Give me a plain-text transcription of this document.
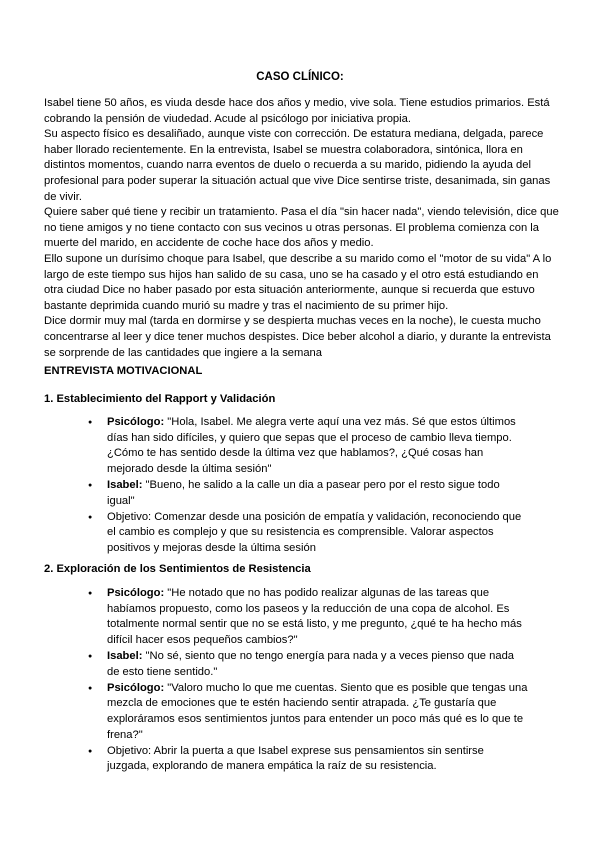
CASO CLÍNICO:

Isabel tiene 50 años, es viuda desde hace dos años y medio, vive sola. Tiene estudios primarios. Está cobrando la pensión de viudedad. Acude al psicólogo por iniciativa propia.

Su aspecto físico es desaliñado, aunque viste con corrección. De estatura mediana, delgada, parece haber llorado recientemente. En la entrevista, Isabel se muestra colaboradora, sintónica, llora en distintos momentos, cuando narra eventos de duelo o recuerda a su marido, pidiendo la ayuda del profesional para poder superar la situación actual que vive Dice sentirse triste, desanimada, sin ganas de vivir.

Quiere saber qué tiene y recibir un tratamiento. Pasa el día "sin hacer nada", viendo televisión, dice que no tiene amigos y no tiene contacto con sus vecinos u otras personas. El problema comienza con la muerte del marido, en accidente de coche hace dos años y medio.

Ello supone un durísimo choque para Isabel, que describe a su marido como el "motor de su vida" A lo largo de este tiempo sus hijos han salido de su casa, uno se ha casado y el otro está estudiando en otra ciudad Dice no haber pasado por esta situación anteriormente, aunque si recuerda que estuvo bastante deprimida cuando murió su madre y tras el nacimiento de su primer hijo.

Dice dormir muy mal (tarda en dormirse y se despierta muchas veces en la noche), le cuesta mucho concentrarse al leer y dice tener muchos despistes. Dice beber alcohol a diario, y durante la entrevista se sorprende de las cantidades que ingiere a la semana

ENTREVISTA MOTIVACIONAL
1. Establecimiento del Rapport y Validación
● Psicólogo: "Hola, Isabel. Me alegra verte aquí una vez más. Sé que estos últimos días han sido difíciles, y quiero que sepas que el proceso de cambio lleva tiempo. ¿Cómo te has sentido desde la última vez que hablamos?, ¿Qué cosas han mejorado desde la última sesión"
● Isabel: "Bueno, he salido a la calle un dia a pasear pero por el resto sigue todo igual"
● Objetivo: Comenzar desde una posición de empatía y validación, reconociendo que el cambio es complejo y que su resistencia es comprensible. Valorar aspectos positivos y mejoras desde la última sesión
2. Exploración de los Sentimientos de Resistencia
● Psicólogo: "He notado que no has podido realizar algunas de las tareas que habíamos propuesto, como los paseos y la reducción de una copa de alcohol. Es totalmente normal sentir que no se está listo, y me pregunto, ¿qué te ha hecho más difícil hacer esos pequeños cambios?"
● Isabel: "No sé, siento que no tengo energía para nada y a veces pienso que nada de esto tiene sentido."
● Psicólogo: "Valoro mucho lo que me cuentas. Siento que es posible que tengas una mezcla de emociones que te estén haciendo sentir atrapada. ¿Te gustaría que exploráramos esos sentimientos juntos para entender un poco más qué es lo que te frena?"
● Objetivo: Abrir la puerta a que Isabel exprese sus pensamientos sin sentirse juzgada, explorando de manera empática la raíz de su resistencia.
